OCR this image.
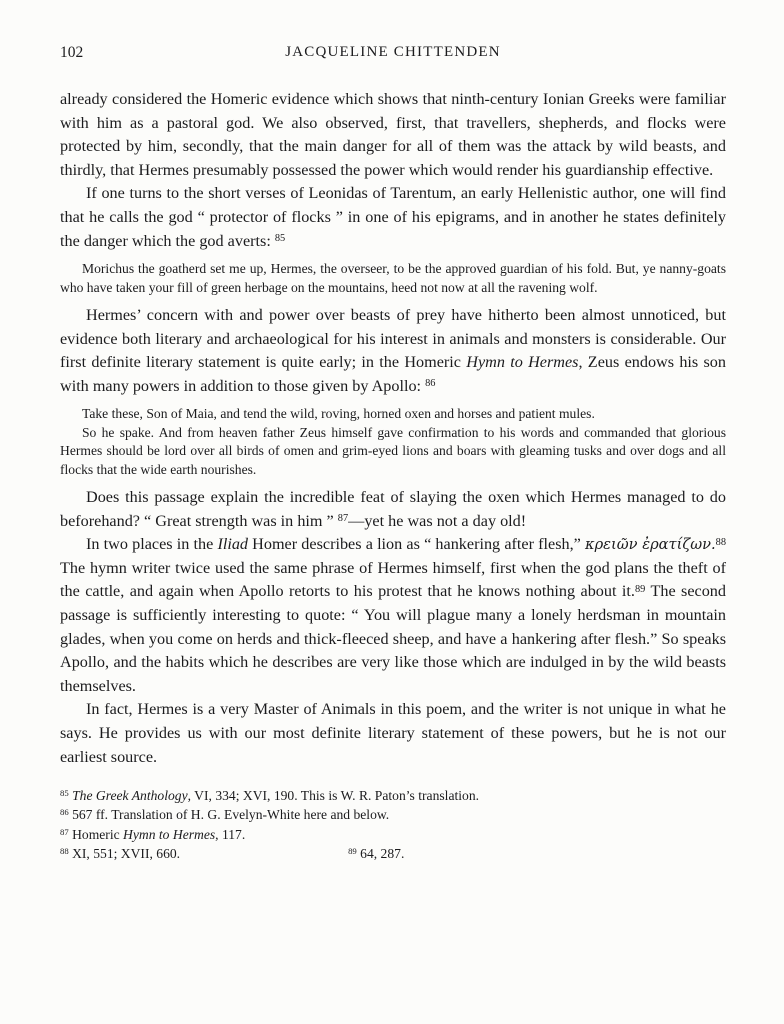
102	JACQUELINE CHITTENDEN

already considered the Homeric evidence which shows that ninth-century Ionian Greeks were familiar with him as a pastoral god. We also observed, first, that travellers, shepherds, and flocks were protected by him, secondly, that the main danger for all of them was the attack by wild beasts, and thirdly, that Hermes presumably possessed the power which would render his guardianship effective.

If one turns to the short verses of Leonidas of Tarentum, an early Hellenistic author, one will find that he calls the god “ protector of flocks ” in one of his epigrams, and in another he states definitely the danger which the god averts: $^{85}$

Morichus the goatherd set me up, Hermes, the overseer, to be the approved guardian of his fold. But, ye nanny-goats who have taken your fill of green herbage on the mountains, heed not now at all the ravening wolf.

Hermes’ concern with and power over beasts of prey have hitherto been almost unnoticed, but evidence both literary and archaeological for his interest in animals and monsters is considerable. Our first definite literary statement is quite early; in the Homeric Hymn to Hermes, Zeus endows his son with many powers in addition to those given by Apollo: $^{86}$

Take these, Son of Maia, and tend the wild, roving, horned oxen and horses and patient mules.

So he spake. And from heaven father Zeus himself gave confirmation to his words and commanded that glorious Hermes should be lord over all birds of omen and grim-eyed lions and boars with gleaming tusks and over dogs and all flocks that the wide earth nourishes.

Does this passage explain the incredible feat of slaying the oxen which Hermes managed to do beforehand? “ Great strength was in him ” $^{87}$—yet he was not a day old!

In two places in the Iliad Homer describes a lion as “ hankering after flesh,” κρειῶν ἐρατίζων.$^{88}$ The hymn writer twice used the same phrase of Hermes himself, first when the god plans the theft of the cattle, and again when Apollo retorts to his protest that he knows nothing about it.$^{89}$ The second passage is sufficiently interesting to quote: “ You will plague many a lonely herdsman in mountain glades, when you come on herds and thick-fleeced sheep, and have a hankering after flesh.” So speaks Apollo, and the habits which he describes are very like those which are indulged in by the wild beasts themselves.

In fact, Hermes is a very Master of Animals in this poem, and the writer is not unique in what he says. He provides us with our most definite literary statement of these powers, but he is not our earliest source.

$^{85}$ The Greek Anthology, VI, 334; XVI, 190. This is W. R. Paton’s translation.

$^{86}$ 567 ff. Translation of H. G. Evelyn-White here and below.

$^{87}$ Homeric Hymn to Hermes, 117.

$^{88}$ XI, 551; XVII, 660.	$^{89}$ 64, 287.
